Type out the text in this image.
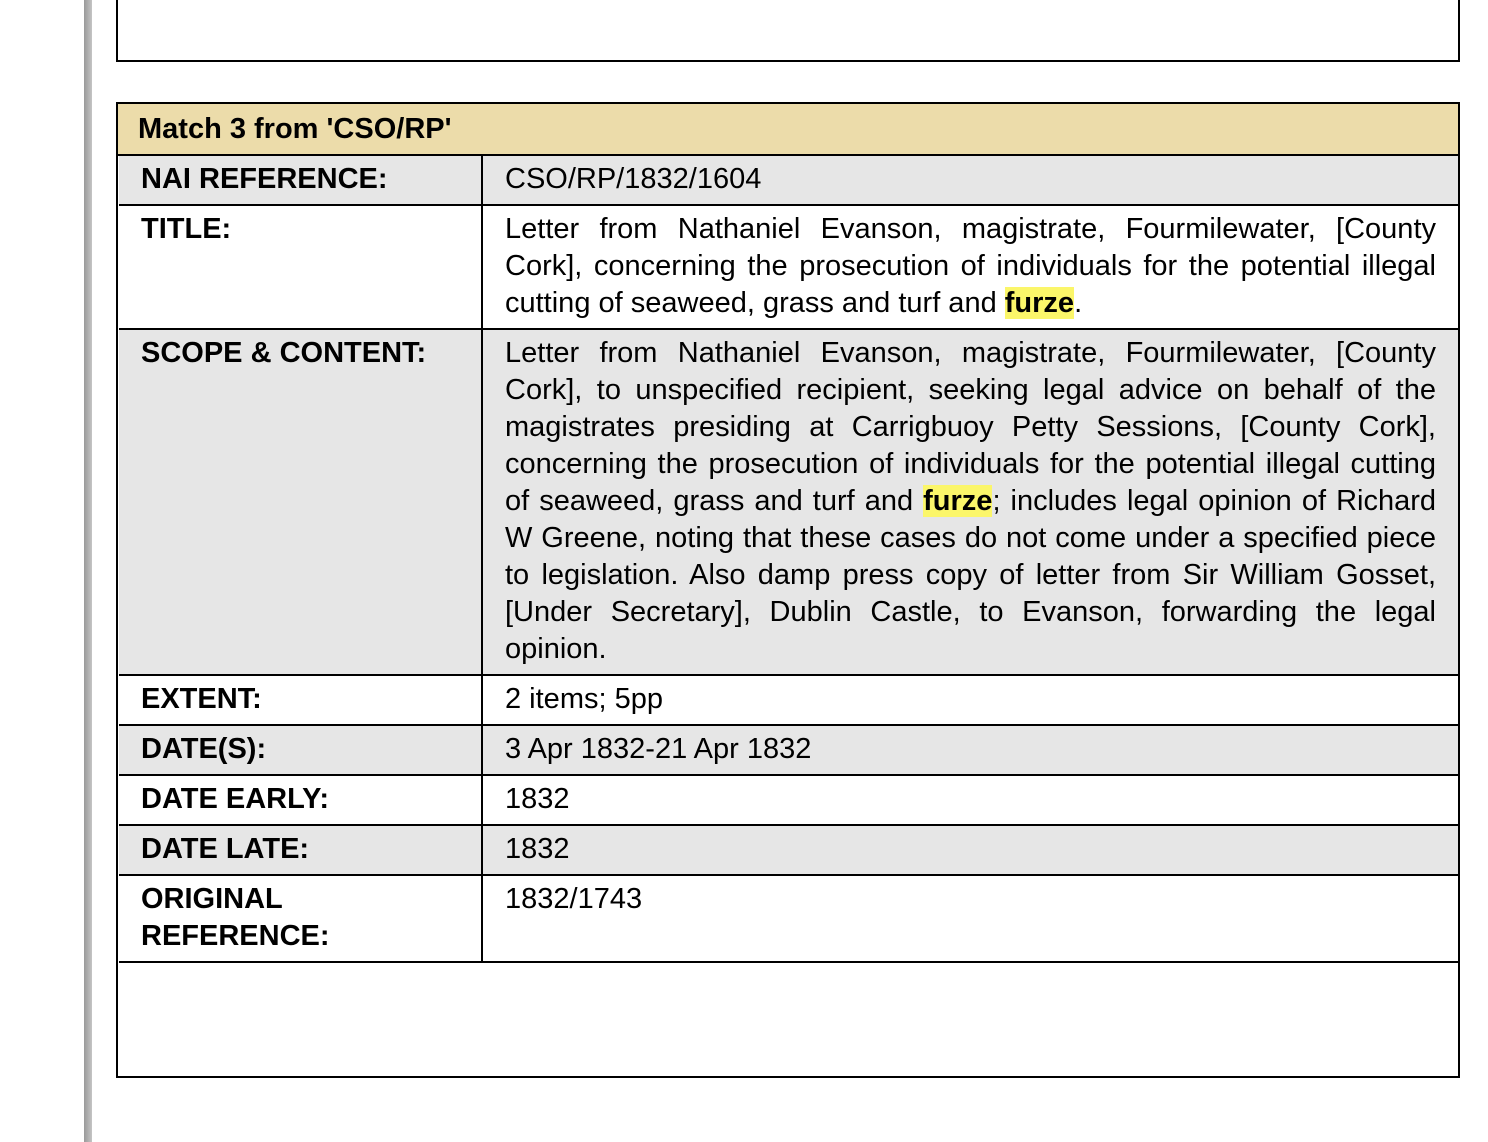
Match 3 from 'CSO/RP'
NAI REFERENCE:	CSO/RP/1832/1604
TITLE:	Letter from Nathaniel Evanson, magistrate, Fourmilewater, [County Cork], concerning the prosecution of individuals for the potential illegal cutting of seaweed, grass and turf and furze.
SCOPE & CONTENT:	Letter from Nathaniel Evanson, magistrate, Fourmilewater, [County Cork], to unspecified recipient, seeking legal advice on behalf of the magistrates presiding at Carrigbuoy Petty Sessions, [County Cork], concerning the prosecution of individuals for the potential illegal cutting of seaweed, grass and turf and furze; includes legal opinion of Richard W Greene, noting that these cases do not come under a specified piece to legislation. Also damp press copy of letter from Sir William Gosset, [Under Secretary], Dublin Castle, to Evanson, forwarding the legal opinion.
EXTENT:	2 items; 5pp
DATE(S):	3 Apr 1832-21 Apr 1832
DATE EARLY:	1832
DATE LATE:	1832
ORIGINAL REFERENCE:	1832/1743
